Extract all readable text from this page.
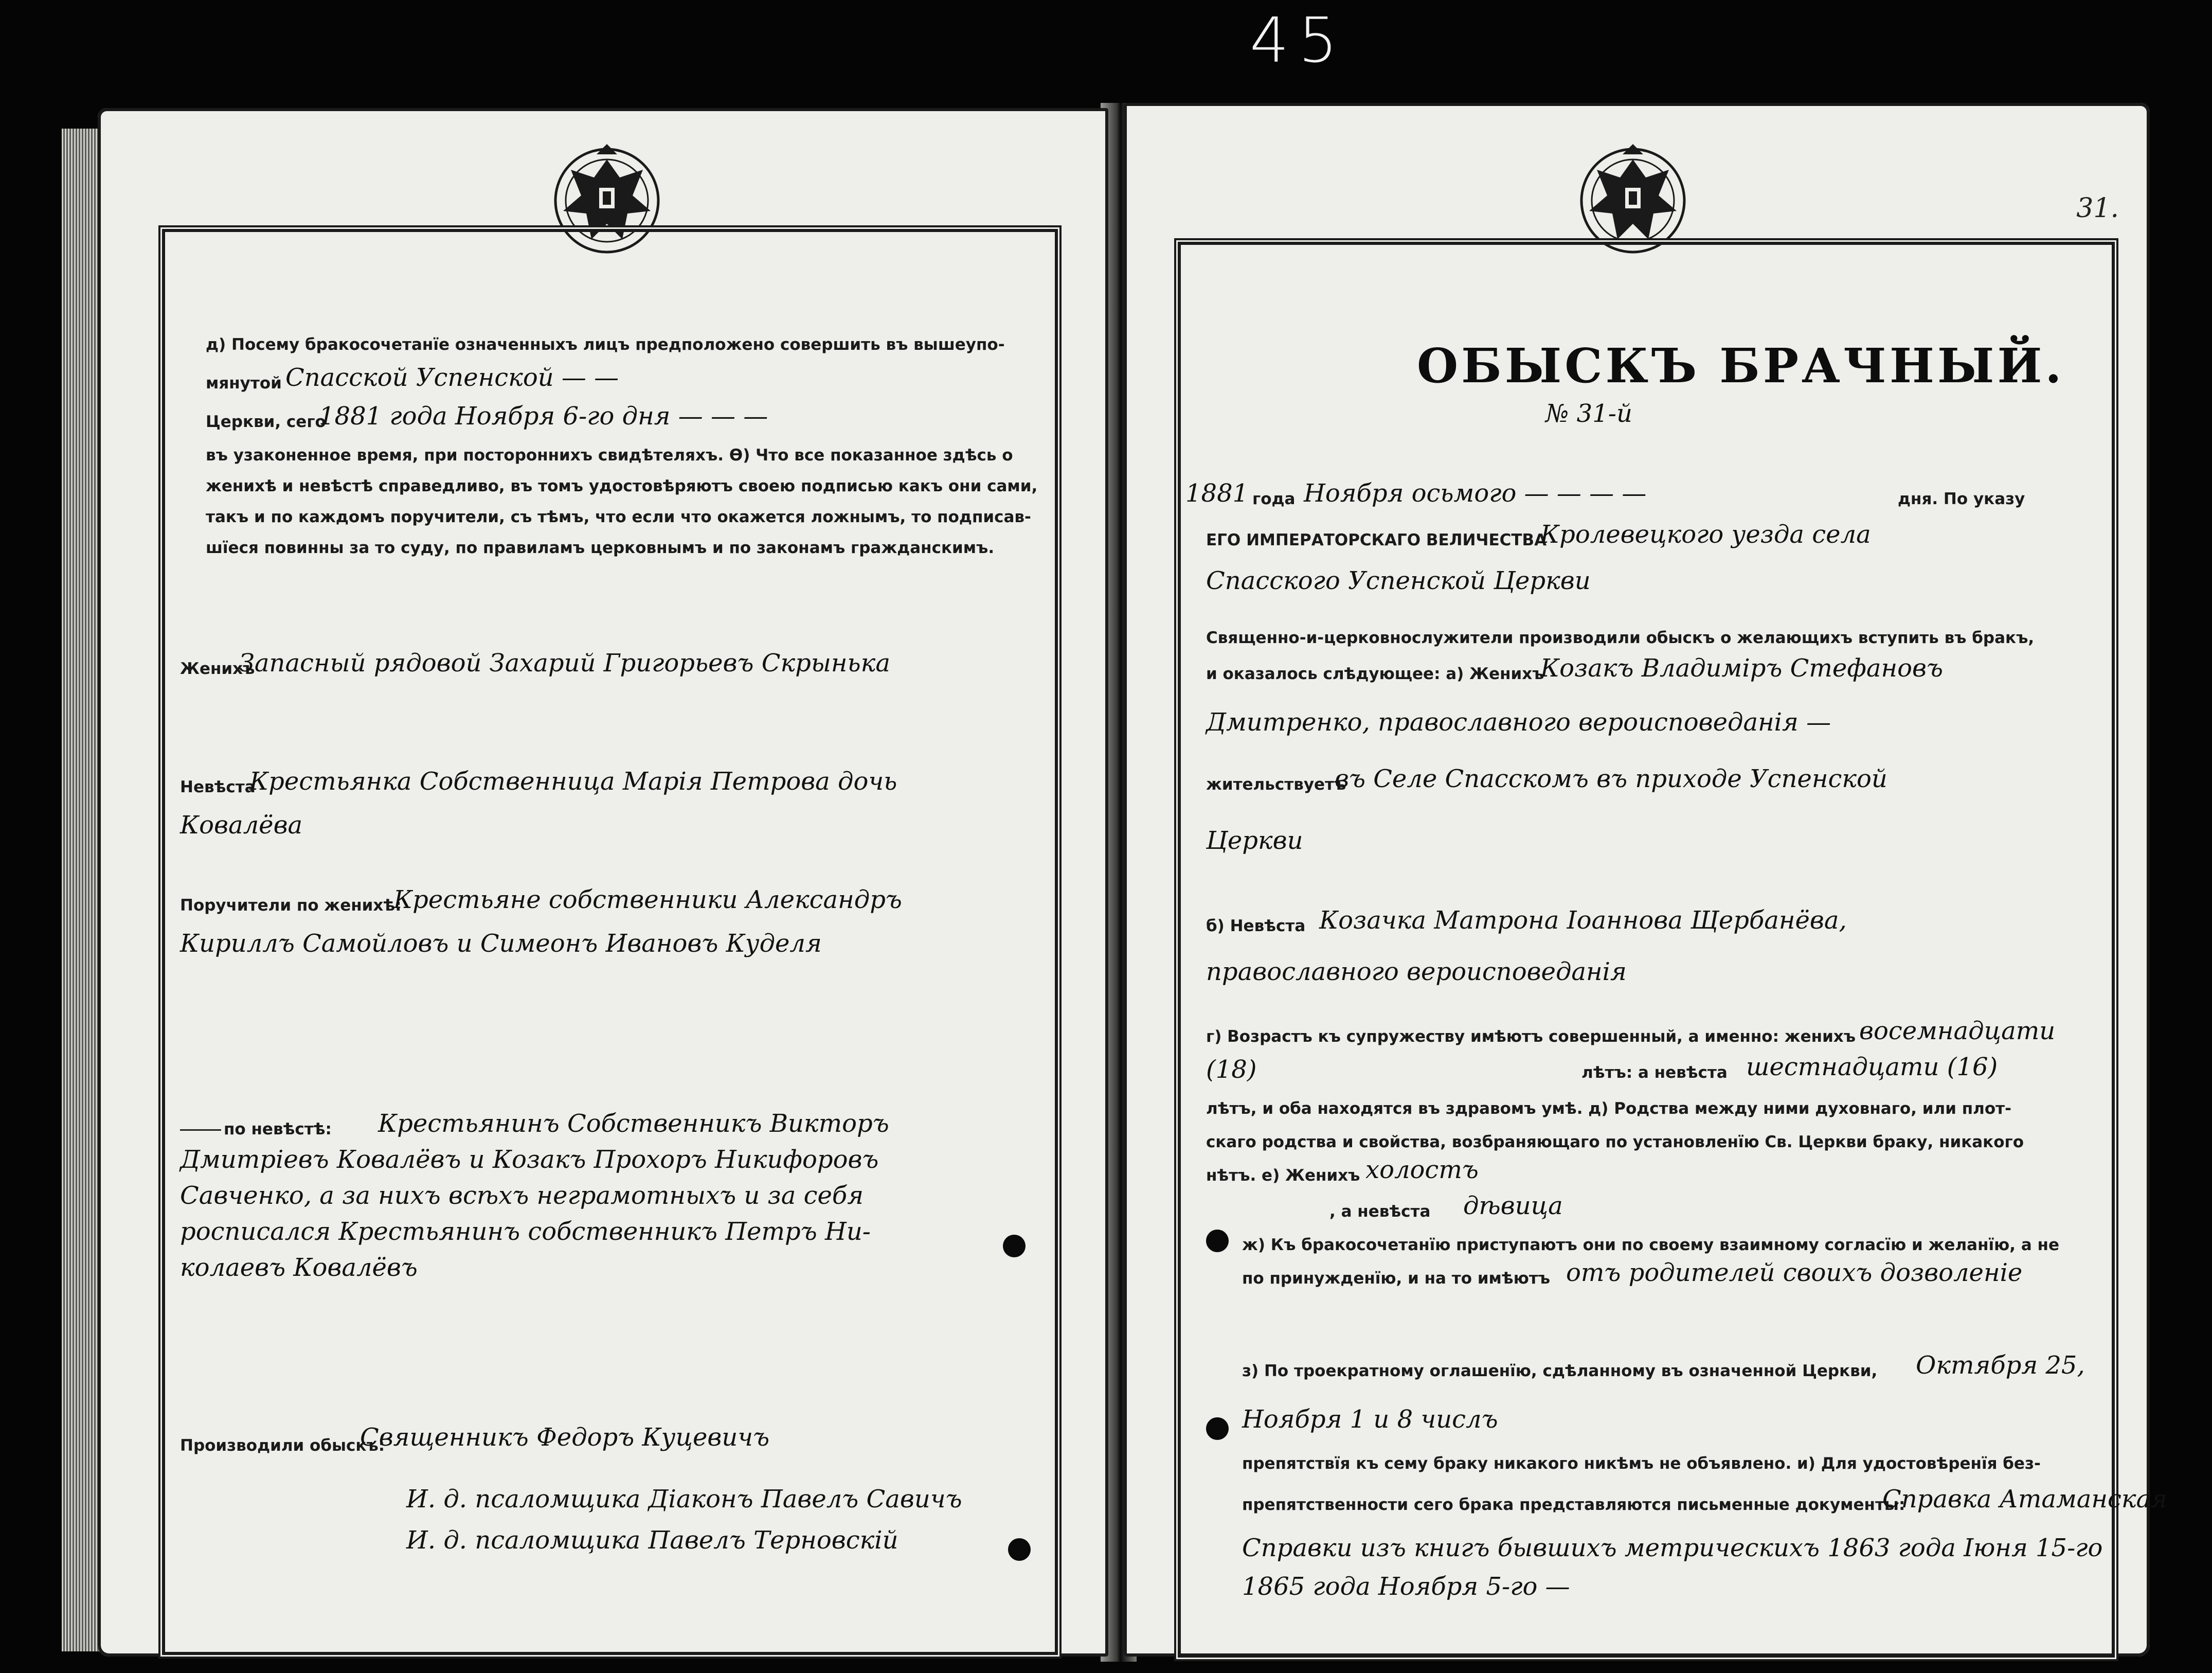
45
д) Посему бракосочетанїе означенныхъ лицъ предположено совершить въ вышеупо-
мянутой Спасской Успенской — —
Церкви, сего
1881 года Ноября 6-го дня — — —
въ узаконенное время, при постороннихъ свидѣтеляхъ. Ѳ) Что все показанное здѣсь о
женихѣ и невѣстѣ справедливо, въ томъ удостовѣряютъ своею подписью какъ они сами,
такъ и по каждомъ поручители, съ тѣмъ, что если что окажется ложнымъ, то подписав-
шїеся повинны за то суду, по правиламъ церковнымъ и по законамъ гражданскимъ.
Женихъ
Запасный рядовой Захарий Григорьевъ Скрынька
Невѣста
Крестьянка Собственница Марія Петрова дочь
Ковалёва
Поручители по женихѣ:
Крестьяне собственники Александръ
Кириллъ Самойловъ и Симеонъ Ивановъ Куделя
по невѣстѣ: Крестьянинъ Собственникъ Викторъ
Дмитріевъ Ковалёвъ и Козакъ Прохоръ Никифоровъ
Савченко, а за нихъ всѣхъ неграмотныхъ и за себя
росписался Крестьянинъ собственникъ Петръ Ни-
колаевъ Ковалёвъ
Производили обыскъ:
Священникъ Федоръ Куцевичъ
И. д. псаломщика Діаконъ Павелъ Савичъ
И. д. псаломщика Павелъ Терновскій
31.
ОБЫСКЪ БРАЧНЫЙ.
№ 31-й
1881 года Ноября осьмого — — — —	дня. По указу
ЕГО ИМПЕРАТОРСКАГО ВЕЛИЧЕСТВА
Кролевецкого уезда села
Спасского Успенской Церкви
Священно-и-церковнослужители производили обыскъ о желающихъ вступить въ бракъ,
и оказалось слѣдующее: а) Женихъ
Козакъ Владиміръ Стефановъ
Дмитренко, православного вероисповеданія —
жительствуетъ
въ Селе Спасскомъ въ приходе Успенской
Церкви
б) Невѣста Козачка Матрона Іоаннова Щербанёва,
православного вероисповеданія
г) Возрастъ къ супружеству имѣютъ совершенный, а именно: женихъ восемнадцати
(18)	лѣтъ: а невѣста шестнадцати (16)
лѣтъ, и оба находятся въ здравомъ умѣ. д) Родства между ними духовнаго, или плот-
скаго родства и свойства, возбраняющаго по установленїю Св. Церкви браку, никакого
нѣтъ. е) Женихъ холостъ
, а невѣста дѣвица
ж) Къ бракосочетанїю приступаютъ они по своему взаимному согласїю и желанїю, а не
по принужденїю, и на то имѣютъ отъ родителей своихъ дозволеніе
з) По троекратному оглашенїю, сдѣланному въ означенной Церкви, Октября 25,
Ноября 1 и 8 числъ
препятствїя къ сему браку никакого никѣмъ не объявлено. и) Для удостовѣренїя без-
препятственности сего брака представляются письменные документы:
Справка Атаманская
Справки изъ книгъ бывшихъ метрическихъ 1863 года Іюня 15-го
1865 года Ноября 5-го —
